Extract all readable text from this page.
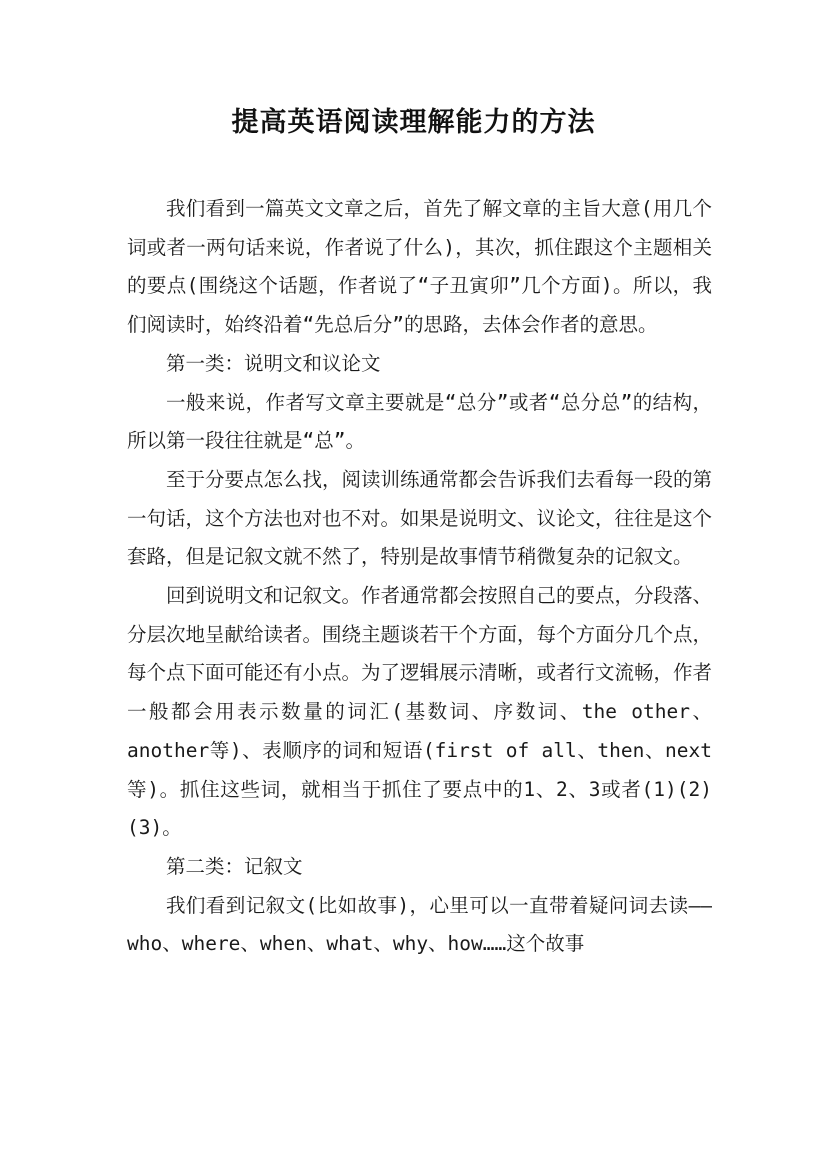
提高英语阅读理解能力的方法

我们看到一篇英文文章之后，首先了解文章的主旨大意(用几个词或者一两句话来说，作者说了什么)，其次，抓住跟这个主题相关的要点(围绕这个话题，作者说了“子丑寅卯”几个方面)。所以，我们阅读时，始终沿着“先总后分”的思路，去体会作者的意思。

第一类：说明文和议论文

一般来说，作者写文章主要就是“总分”或者“总分总”的结构，所以第一段往往就是“总”。

至于分要点怎么找，阅读训练通常都会告诉我们去看每一段的第一句话，这个方法也对也不对。如果是说明文、议论文，往往是这个套路，但是记叙文就不然了，特别是故事情节稍微复杂的记叙文。

回到说明文和记叙文。作者通常都会按照自己的要点，分段落、分层次地呈献给读者。围绕主题谈若干个方面，每个方面分几个点，每个点下面可能还有小点。为了逻辑展示清晰，或者行文流畅，作者一般都会用表示数量的词汇(基数词、序数词、the other、another等)、表顺序的词和短语(first of all、then、next等)。抓住这些词，就相当于抓住了要点中的1、2、3或者(1)(2)(3)。

第二类：记叙文

我们看到记叙文(比如故事)，心里可以一直带着疑问词去读——who、where、when、what、why、how……这个故事
